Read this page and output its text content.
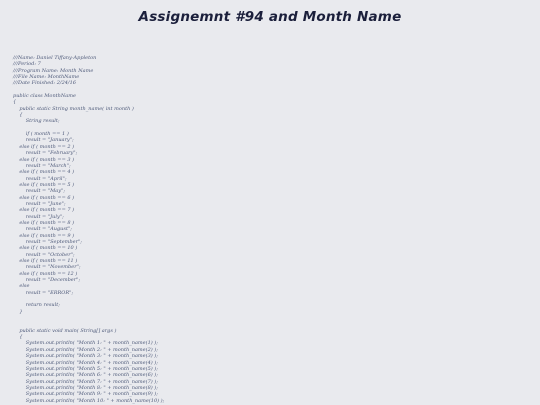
Assignemnt #94 and Month Name
///Name: Daniel Tiffany-Appleton
///Period: 7
///Program Name: Month Name
///File Name: MonthName
///Date Finished: 2/24/16
public class MonthName
{
public static String month_name( int month )
{
String result;
if ( month == 1 )
result = "January";
else if ( month == 2 )
result = "February";
else if ( month == 3 )
result = "March";
else if ( month == 4 )
result = "April";
else if ( month == 5 )
result = "May";
else if ( month == 6 )
result = "June";
else if ( month == 7 )
result = "July";
else if ( month == 8 )
result = "August";
else if ( month == 9 )
result = "September";
else if ( month == 10 )
result = "October";
else if ( month == 11 )
result = "November";
else if ( month == 12 )
result = "December";
else
result = "ERROR";
return result;
}
public static void main( String[] args )
{
System.out.println( "Month 1: " + month_name(1) );
System.out.println( "Month 2: " + month_name(2) );
System.out.println( "Month 3: " + month_name(3) );
System.out.println( "Month 4: " + month_name(4) );
System.out.println( "Month 5: " + month_name(5) );
System.out.println( "Month 6: " + month_name(6) );
System.out.println( "Month 7: " + month_name(7) );
System.out.println( "Month 8: " + month_name(8) );
System.out.println( "Month 9: " + month_name(9) );
System.out.println( "Month 10: " + month_name(10) );
